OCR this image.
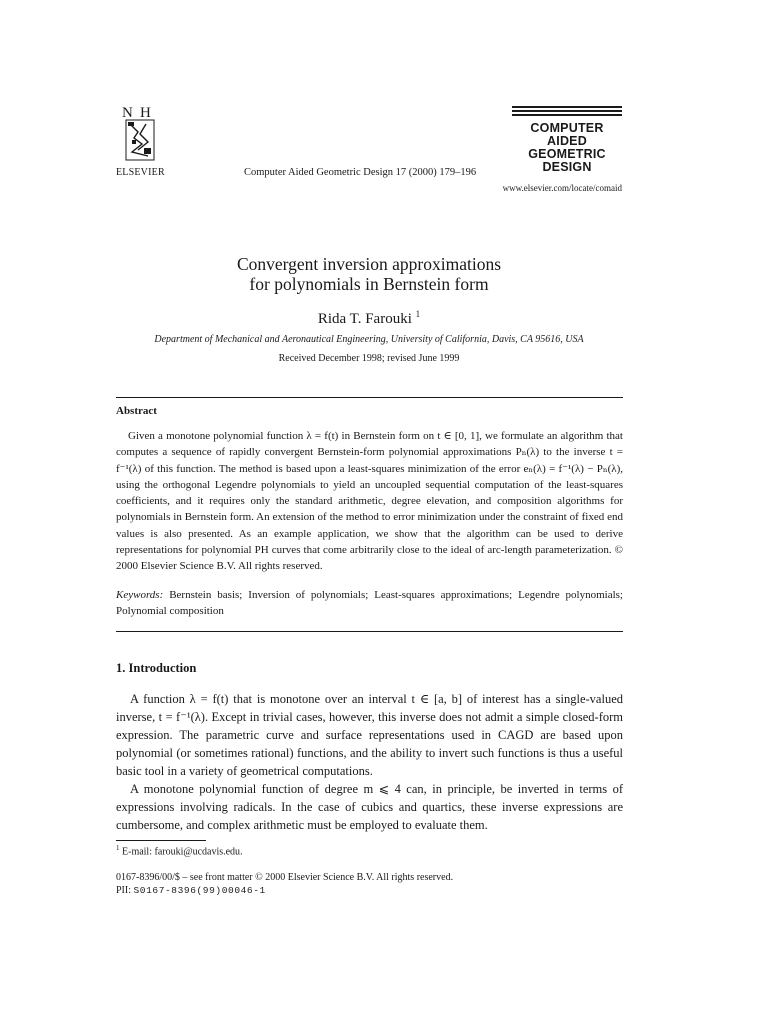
N H
ELSEVIER	Computer Aided Geometric Design 17 (2000) 179–196
COMPUTER
AIDED
GEOMETRIC
DESIGN
www.elsevier.com/locate/comaid
Convergent inversion approximations
for polynomials in Bernstein form
Rida T. Farouki $^1$
Department of Mechanical and Aeronautical Engineering, University of California, Davis, CA 95616, USA
Received December 1998; revised June 1999
Abstract

Given a monotone polynomial function λ = f(t) in Bernstein form on t ∈ [0, 1], we formulate an algorithm that computes a sequence of rapidly convergent Bernstein-form polynomial approximations Pₙ(λ) to the inverse t = f⁻¹(λ) of this function. The method is based upon a least-squares minimization of the error eₙ(λ) = f⁻¹(λ) − Pₙ(λ), using the orthogonal Legendre polynomials to yield an uncoupled sequential computation of the least-squares coefficients, and it requires only the standard arithmetic, degree elevation, and composition algorithms for polynomials in Bernstein form. An extension of the method to error minimization under the constraint of fixed end values is also presented. As an example application, we show that the algorithm can be used to derive representations for polynomial PH curves that come arbitrarily close to the ideal of arc-length parameterization. © 2000 Elsevier Science B.V. All rights reserved.

Keywords: Bernstein basis; Inversion of polynomials; Least-squares approximations; Legendre polynomials; Polynomial composition
1. Introduction

A function λ = f(t) that is monotone over an interval t ∈ [a, b] of interest has a single-valued inverse, t = f⁻¹(λ). Except in trivial cases, however, this inverse does not admit a simple closed-form expression. The parametric curve and surface representations used in CAGD are based upon polynomial (or sometimes rational) functions, and the ability to invert such functions is thus a useful basic tool in a variety of geometrical computations.

A monotone polynomial function of degree m ⩽ 4 can, in principle, be inverted in terms of expressions involving radicals. In the case of cubics and quartics, these inverse expressions are cumbersome, and complex arithmetic must be employed to evaluate them.

$^1$ E-mail: farouki@ucdavis.edu.
0167-8396/00/$ – see front matter © 2000 Elsevier Science B.V. All rights reserved.
PII: S0167-8396(99)00046-1
